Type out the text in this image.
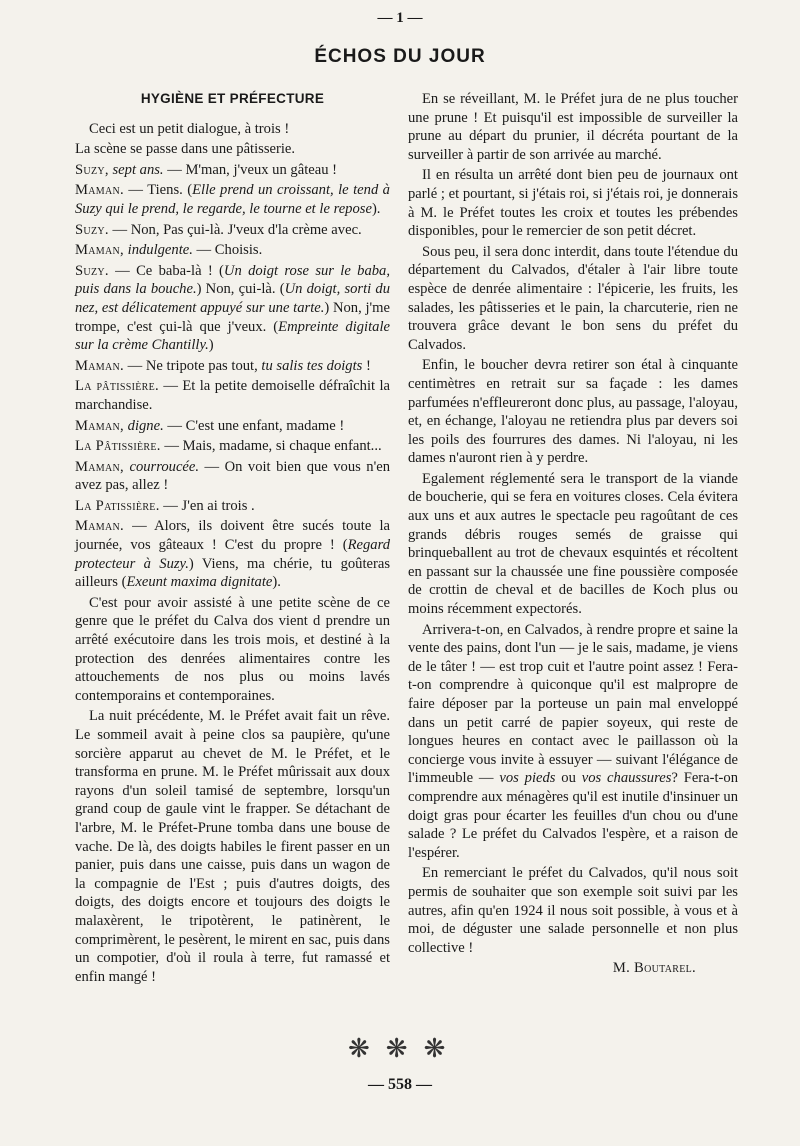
— 1 —
ÉCHOS DU JOUR
HYGIÈNE ET PRÉFECTURE

Ceci est un petit dialogue, à trois !

La scène se passe dans une pâtisserie.

Suzy, sept ans. — M'man, j'veux un gâteau !

Maman. — Tiens. (Elle prend un croissant, le tend à Suzy qui le prend, le regarde, le tourne et le repose).

Suzy. — Non, Pas çui-là. J'veux d'la crème avec.

Maman, indulgente. — Choisis.

Suzy. — Ce baba-là ! (Un doigt rose sur le baba, puis dans la bouche.) Non, çui-là. (Un doigt, sorti du nez, est délicatement appuyé sur une tarte.) Non, j'me trompe, c'est çui-là que j'veux. (Empreinte digitale sur la crème Chantilly.)

Maman. — Ne tripote pas tout, tu salis tes doigts !

La pâtissière. — Et la petite demoiselle défraîchit la marchandise.

Maman, digne. — C'est une enfant, madame !

La Pâtissière. — Mais, madame, si chaque enfant...

Maman, courroucée. — On voit bien que vous n'en avez pas, allez !

La Patissière. — J'en ai trois .

Maman. — Alors, ils doivent être sucés toute la journée, vos gâteaux ! C'est du propre ! (Regard protecteur à Suzy.) Viens, ma chérie, tu goûteras ailleurs (Exeunt maxima dignitate).

C'est pour avoir assisté à une petite scène de ce genre que le préfet du Calva dos vient d prendre un arrêté exécutoire dans les trois mois, et destiné à la protection des denrées alimentaires contre les attouchements de nos plus ou moins lavés contemporains et contemporaines.

La nuit précédente, M. le Préfet avait fait un rêve. Le sommeil avait à peine clos sa paupière, qu'une sorcière apparut au chevet de M. le Préfet, et le transforma en prune. M. le Préfet mûrissait aux doux rayons d'un soleil tamisé de septembre, lorsqu'un grand coup de gaule vint le frapper. Se détachant de l'arbre, M. le Préfet-Prune tomba dans une bouse de vache. De là, des doigts habiles le firent passer en un panier, puis dans une caisse, puis dans un wagon de la compagnie de l'Est ; puis d'autres doigts, des doigts, des doigts encore et toujours des doigts le malaxèrent, le tripotèrent, le patinèrent, le comprimèrent, le pesèrent, le mirent en sac, puis dans un compotier, d'où il roula à terre, fut ramassé et enfin mangé !

En se réveillant, M. le Préfet jura de ne plus toucher une prune ! Et puisqu'il est impossible de surveiller la prune au départ du prunier, il décréta pourtant de la surveiller à partir de son arrivée au marché.

Il en résulta un arrêté dont bien peu de journaux ont parlé ; et pourtant, si j'étais roi, si j'étais roi, je donnerais à M. le Préfet toutes les croix et toutes les prébendes disponibles, pour le remercier de son petit décret.

Sous peu, il sera donc interdit, dans toute l'étendue du département du Calvados, d'étaler à l'air libre toute espèce de denrée alimentaire : l'épicerie, les fruits, les salades, les pâtisseries et le pain, la charcuterie, rien ne trouvera grâce devant le bon sens du préfet du Calvados.

Enfin, le boucher devra retirer son étal à cinquante centimètres en retrait sur sa façade : les dames parfumées n'effleureront donc plus, au passage, l'aloyau, et, en échange, l'aloyau ne retiendra plus par devers soi les poils des fourrures des dames. Ni l'aloyau, ni les dames n'auront rien à y perdre.

Egalement réglementé sera le transport de la viande de boucherie, qui se fera en voitures closes. Cela évitera aux uns et aux autres le spectacle peu ragoûtant de ces grands débris rouges semés de graisse qui brinqueballent au trot de chevaux esquintés et récoltent en passant sur la chaussée une fine poussière composée de crottin de cheval et de bacilles de Koch plus ou moins récemment expectorés.

Arrivera-t-on, en Calvados, à rendre propre et saine la vente des pains, dont l'un — je le sais, madame, je viens de le tâter ! — est trop cuit et l'autre point assez ! Fera-t-on comprendre à quiconque qu'il est malpropre de faire déposer par la porteuse un pain mal enveloppé dans un petit carré de papier soyeux, qui reste de longues heures en contact avec le paillasson où la concierge vous invite à essuyer — suivant l'élégance de l'immeuble — vos pieds ou vos chaussures? Fera-t-on comprendre aux ménagères qu'il est inutile d'insinuer un doigt gras pour écarter les feuilles d'un chou ou d'une salade ? Le préfet du Calvados l'espère, et a raison de l'espérer.

En remerciant le préfet du Calvados, qu'il nous soit permis de souhaiter que son exemple soit suivi par les autres, afin qu'en 1924 il nous soit possible, à vous et à moi, de déguster une salade personnelle et non plus collective !

M. Boutarel.

❋ ❋ ❋
— 558 —
